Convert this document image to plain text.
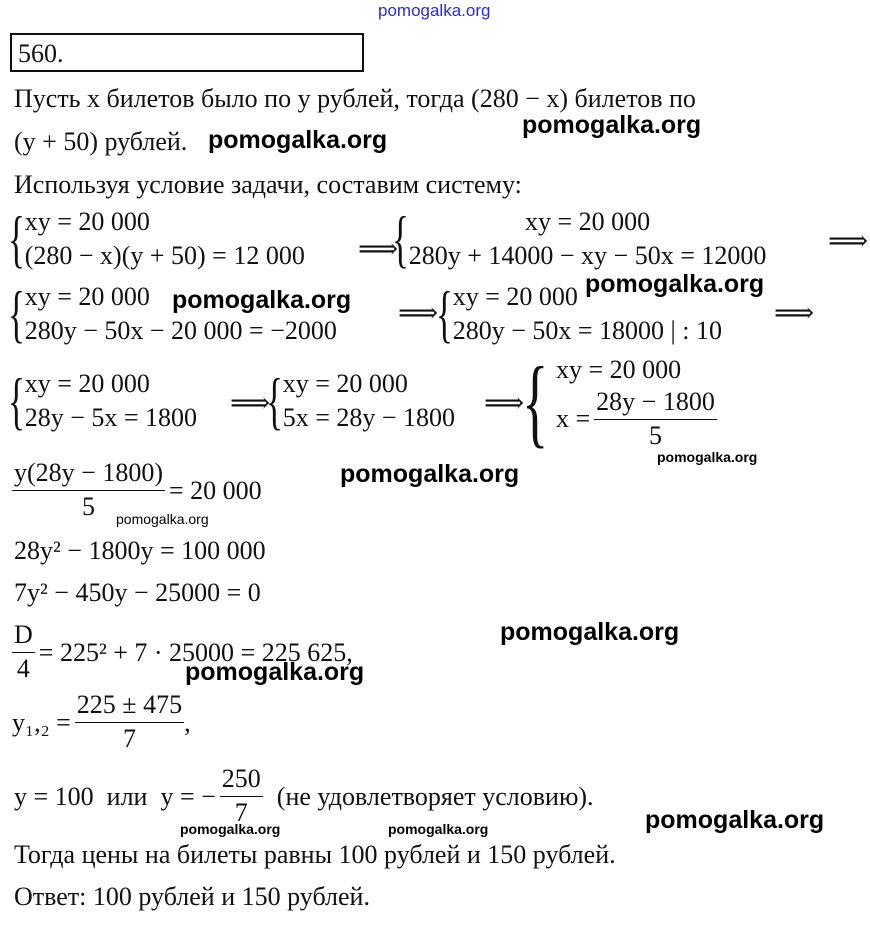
pomogalka.org
560.
Пусть x билетов было по y рублей, тогда (280 − x) билетов по
(y + 50) рублей. pomogalka.org
pomogalka.org
Используя условие задачи, составим систему:
{ xy = 20 000
(280 − x)(y + 50) = 12 000 ⟹
{	xy = 20 000
280y + 14000 − xy − 50x = 12000 ⟹
{ xy = 20 000
280y − 50x − 20 000 = −2000
pomogalka.org ⟹
{ xy = 20 000
280y − 50x = 18000 | : 10
pomogalka.org
⟹
{ xy = 20 000
28y − 5x = 1800 ⟹
{ xy = 20 000
5x = 28y − 1800 ⟹
{ xy = 20 000
$x = \frac{28y - 1800}{5}$
pomogalka.org
$\frac{y(28y - 1800)}{5} = 20$ 000
pomogalka.org
pomogalka.org
28y² − 1800y = 100 000
7y² − 450y − 25000 = 0
$\frac{D}{4} = 225^2 + 7 \cdot 25000 = 225$ 625,
pomogalka.org
pomogalka.org
$y_1,_2 = \frac{225 \pm 475}{7}$ ,
y = 100  или  y = − $\frac{250}{7} (не$ удовлетворяет условию).
pomogalka.org
pomogalka.org	pomogalka.org
Тогда цены на билеты равны 100 рублей и 150 рублей.
Ответ: 100 рублей и 150 рублей.
